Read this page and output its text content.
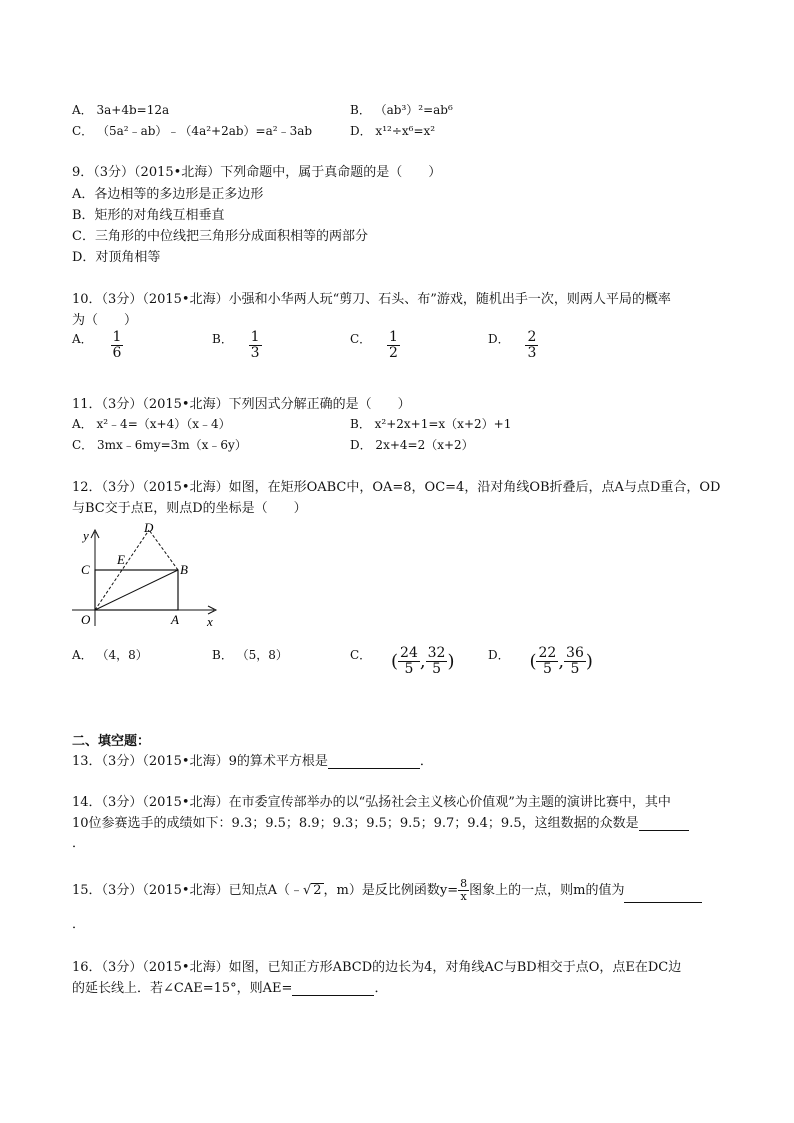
A． 3a+4b=12a	B． （ab³）²=ab⁶
C． （5a²﹣ab）﹣（4a²+2ab）=a²﹣3ab	D． x¹²÷x⁶=x²
9．（3分）（2015•北海）下列命题中，属于真命题的是（　　）
A．各边相等的多边形是正多边形
B．矩形的对角线互相垂直
C．三角形的中位线把三角形分成面积相等的两部分
D．对顶角相等
10．（3分）（2015•北海）小强和小华两人玩“剪刀、石头、布”游戏，随机出手一次，则两人平局的概率
为（　　）
A． $\frac{1}{6}$	B． $\frac{1}{3}$	C． $\frac{1}{2}$	D． $\frac{2}{3}$
11．（3分）（2015•北海）下列因式分解正确的是（　　）
A． x²﹣4=（x+4）（x﹣4）	B． x²+2x+1=x（x+2）+1
C． 3mx﹣6my=3m（x﹣6y）	D． 2x+4=2（x+2）
12．（3分）（2015•北海）如图，在矩形OABC中，OA=8，OC=4，沿对角线OB折叠后，点A与点D重合，OD
与BC交于点E，则点D的坐标是（　　）
y
x
O	A
B
C
D
E
A． （4，8）	B． （5，8）	C． ( $\frac{24}{5}$ , $\frac{32}{5}$ )	D． ( $\frac{22}{5}$ , $\frac{36}{5}$ )
二、填空题：
13．（3分）（2015•北海）9的算术平方根是	．
14．（3分）（2015•北海）在市委宣传部举办的以“弘扬社会主义核心价值观”为主题的演讲比赛中，其中
10位参赛选手的成绩如下：9.3；9.5；8.9；9.3；9.5；9.5；9.7；9.4；9.5，这组数据的众数是
．
15．（3分）（2015•北海）已知点A（﹣√ 2 ，m）是反比例函数$y= \frac{8}{x}$ 图象上的一点，则m的值为
．
16．（3分）（2015•北海）如图，已知正方形ABCD的边长为4，对角线AC与BD相交于点O，点E在DC边
的延长线上．若∠CAE=15°，则AE=	．
